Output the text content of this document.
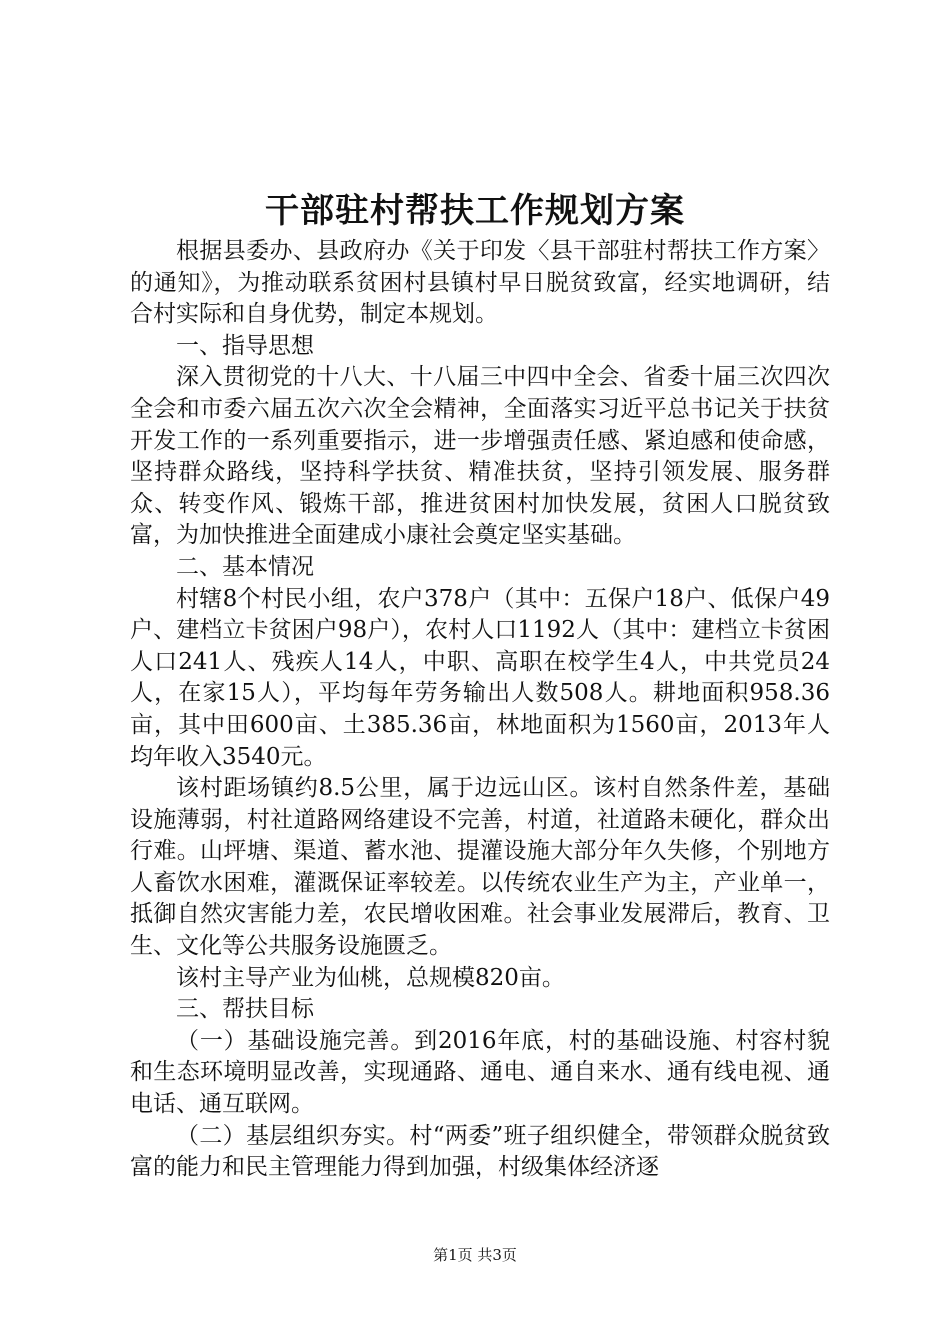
干部驻村帮扶工作规划方案

根据县委办、县政府办《关于印发〈县干部驻村帮扶工作方案〉的通知》，为推动联系贫困村县镇村早日脱贫致富，经实地调研，结合村实际和自身优势，制定本规划。

一、指导思想

深入贯彻党的十八大、十八届三中四中全会、省委十届三次四次全会和市委六届五次六次全会精神，全面落实习近平总书记关于扶贫开发工作的一系列重要指示，进一步增强责任感、紧迫感和使命感，坚持群众路线，坚持科学扶贫、精准扶贫，坚持引领发展、服务群众、转变作风、锻炼干部，推进贫困村加快发展，贫困人口脱贫致富，为加快推进全面建成小康社会奠定坚实基础。

二、基本情况

村辖8个村民小组，农户378户（其中：五保户18户、低保户49户、建档立卡贫困户98户），农村人口1192人（其中：建档立卡贫困人口241人、残疾人14人，中职、高职在校学生4人，中共党员24人，在家15人），平均每年劳务输出人数508人。耕地面积958.36亩，其中田600亩、土385.36亩，林地面积为1560亩，2013年人均年收入3540元。

该村距场镇约8.5公里，属于边远山区。该村自然条件差，基础设施薄弱，村社道路网络建设不完善，村道，社道路未硬化，群众出行难。山坪塘、渠道、蓄水池、提灌设施大部分年久失修，个别地方人畜饮水困难，灌溉保证率较差。以传统农业生产为主，产业单一，抵御自然灾害能力差，农民增收困难。社会事业发展滞后，教育、卫生、文化等公共服务设施匮乏。

该村主导产业为仙桃，总规模820亩。

三、帮扶目标

（一）基础设施完善。到2016年底，村的基础设施、村容村貌和生态环境明显改善，实现通路、通电、通自来水、通有线电视、通电话、通互联网。

（二）基层组织夯实。村“两委”班子组织健全，带领群众脱贫致富的能力和民主管理能力得到加强，村级集体经济逐

第1页 共3页
